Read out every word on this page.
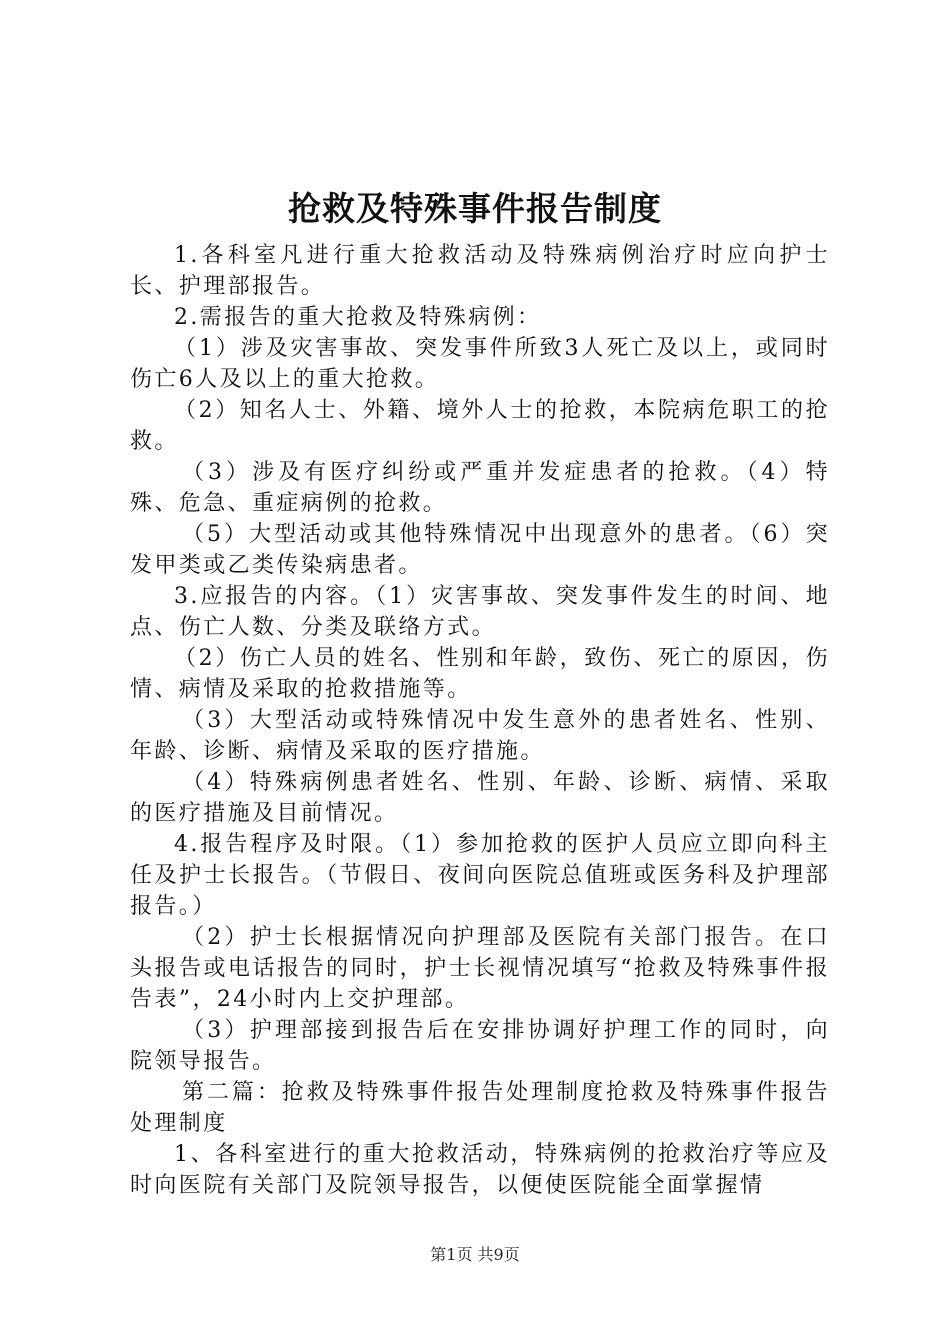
抢救及特殊事件报告制度

1.各科室凡进行重大抢救活动及特殊病例治疗时应向护士长、护理部报告。

2.需报告的重大抢救及特殊病例：

（1）涉及灾害事故、突发事件所致3人死亡及以上，或同时伤亡6人及以上的重大抢救。

（2）知名人士、外籍、境外人士的抢救，本院病危职工的抢救。

（3）涉及有医疗纠纷或严重并发症患者的抢救。（4）特殊、危急、重症病例的抢救。

（5）大型活动或其他特殊情况中出现意外的患者。（6）突发甲类或乙类传染病患者。

3.应报告的内容。（1）灾害事故、突发事件发生的时间、地点、伤亡人数、分类及联络方式。

（2）伤亡人员的姓名、性别和年龄，致伤、死亡的原因，伤情、病情及采取的抢救措施等。

（3）大型活动或特殊情况中发生意外的患者姓名、性别、年龄、诊断、病情及采取的医疗措施。

（4）特殊病例患者姓名、性别、年龄、诊断、病情、采取的医疗措施及目前情况。

4.报告程序及时限。（1）参加抢救的医护人员应立即向科主任及护士长报告。（节假日、夜间向医院总值班或医务科及护理部报告。）

（2）护士长根据情况向护理部及医院有关部门报告。在口头报告或电话报告的同时，护士长视情况填写“抢救及特殊事件报告表”，24小时内上交护理部。

（3）护理部接到报告后在安排协调好护理工作的同时，向院领导报告。

第二篇：抢救及特殊事件报告处理制度抢救及特殊事件报告处理制度

1、各科室进行的重大抢救活动，特殊病例的抢救治疗等应及时向医院有关部门及院领导报告，以便使医院能全面掌握情

第1页 共9页
